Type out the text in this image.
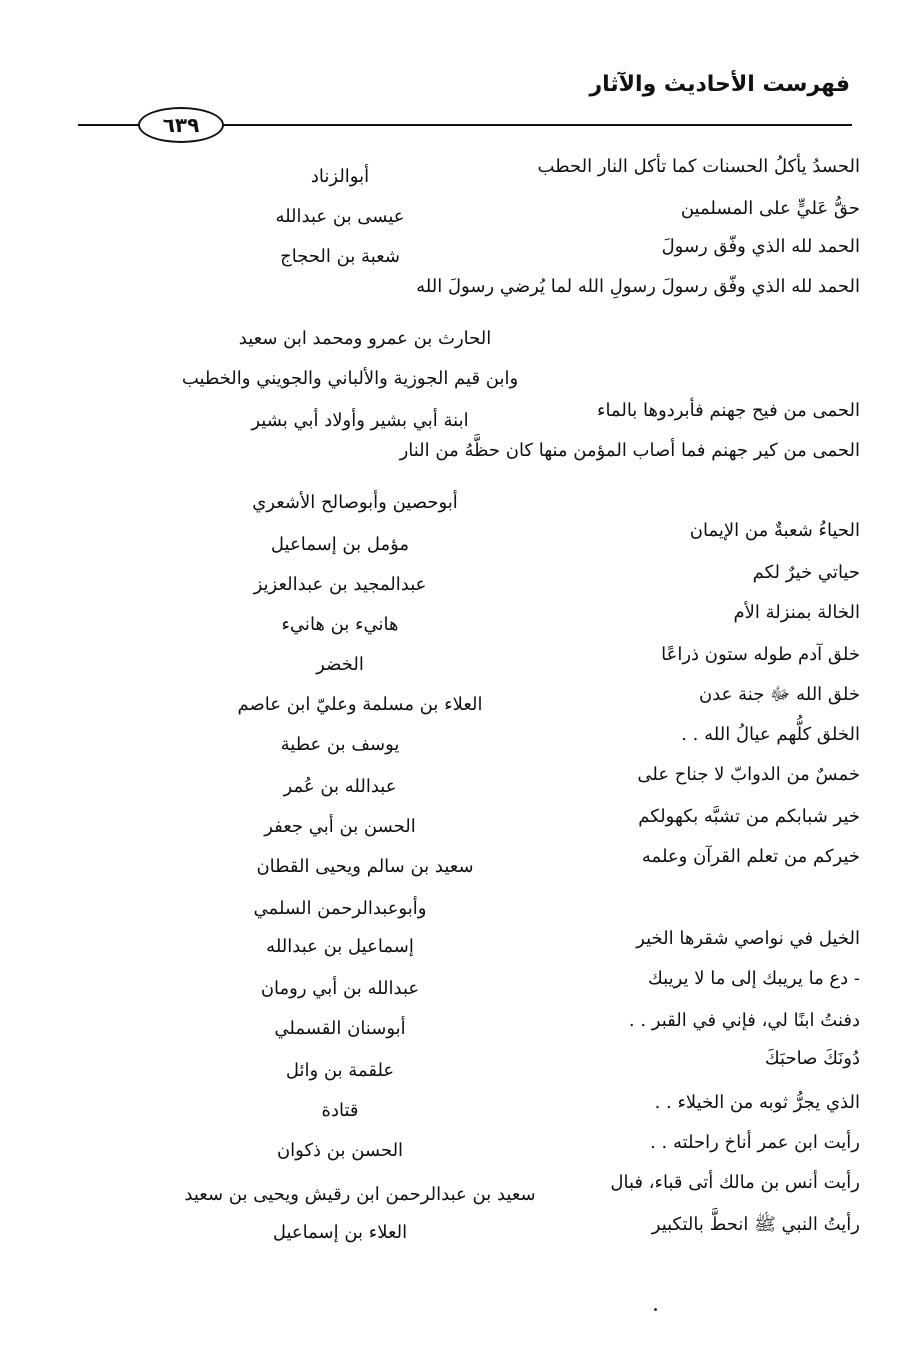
فهرست الأحاديث والآثار
٦٣٩
الحسدُ يأكلُ الحسنات كما تأكل النار الحطب
أبوالزناد
حقُّ عَليٍّ على المسلمين
عيسى بن عبدالله
الحمد لله الذي وفّق رسولَ
شعبة بن الحجاج
الحمد لله الذي وفّق رسولَ رسولِ الله لما يُرضي رسولَ الله
الحارث بن عمرو ومحمد ابن سعيد
وابن قيم الجوزية والألباني والجويني والخطيب
الحمى من فيح جهنم فأبردوها بالماء
ابنة أبي بشير وأولاد أبي بشير
الحمى من كير جهنم فما أصاب المؤمن منها كان حظَّهُ من النار
أبوحصين وأبوصالح الأشعري
الحياءُ شعبةٌ من الإيمان
مؤمل بن إسماعيل
حياتي خيرٌ لكم
عبدالمجيد بن عبدالعزيز
الخالة بمنزلة الأم
هانيء بن هانيء
خلق آدم طوله ستون ذراعًا
الخضر
خلق الله ﷻ جنة عدن
العلاء بن مسلمة وعليّ ابن عاصم
الخلق كلُّهم عيالُ الله . .
يوسف بن عطية
خمسٌ من الدوابّ لا جناح على
عبدالله بن عُمر
خير شبابكم من تشبَّه بكهولكم
الحسن بن أبي جعفر
خيركم من تعلم القرآن وعلمه
سعيد بن سالم ويحيى القطان
وأبوعبدالرحمن السلمي
الخيل في نواصي شقرها الخير
إسماعيل بن عبدالله
- دع ما يريبك إلى ما لا يريبك
عبدالله بن أبي رومان
دفنتُ ابنًا لي، فإني في القبر . .
أبوسنان القسملي
دُونَكَ صاحبَكَ
علقمة بن وائل
الذي يجرُّ ثوبه من الخيلاء . .
قتادة
رأيت ابن عمر أناخ راحلته . .
الحسن بن ذكوان
رأيت أنس بن مالك أتى قباء، فبال
سعيد بن عبدالرحمن ابن رقيش ويحيى بن سعيد
رأيتُ النبي ﷺ انحطَّ بالتكبير
العلاء بن إسماعيل
